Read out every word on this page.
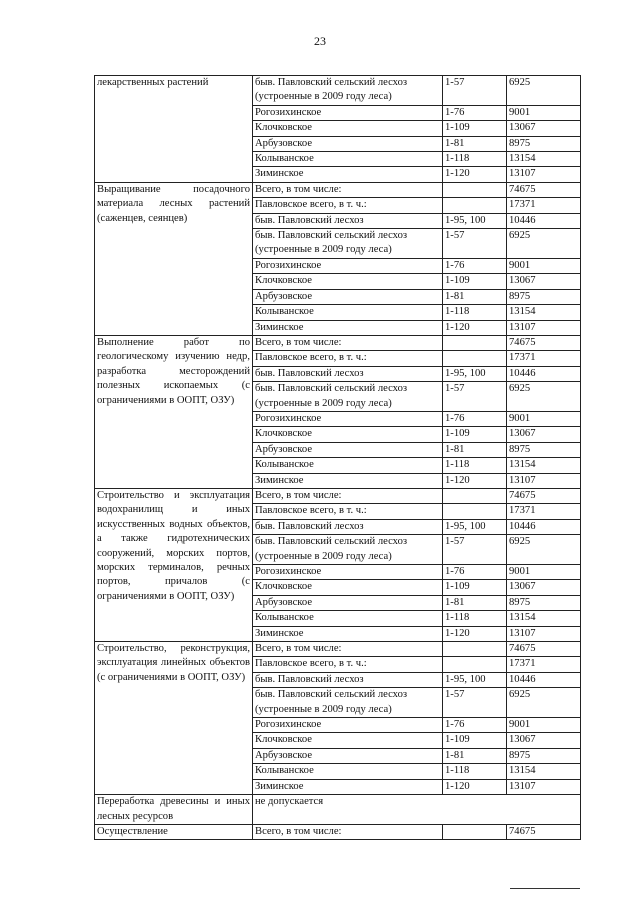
23
лекарственных растений	быв. Павловский сельский лесхоз (устроенные в 2009 году леса)	1-57	6925
	Рогозихинское	1-76	9001
	Клочковское	1-109	13067
	Арбузовское	1-81	8975
	Колыванское	1-118	13154
	Зиминское	1-120	13107
Выращивание посадочного материала лесных растений (саженцев, сеянцев)	Всего, в том числе:		74675
	Павловское всего, в т. ч.:		17371
	быв. Павловский лесхоз	1-95, 100	10446
	быв. Павловский сельский лесхоз (устроенные в 2009 году леса)	1-57	6925
	Рогозихинское	1-76	9001
	Клочковское	1-109	13067
	Арбузовское	1-81	8975
	Колыванское	1-118	13154
	Зиминское	1-120	13107
Выполнение работ по геологическому изучению недр, разработка месторождений полезных ископаемых (с ограничениями в ООПТ, ОЗУ)	Всего, в том числе:		74675
	Павловское всего, в т. ч.:		17371
	быв. Павловский лесхоз	1-95, 100	10446
	быв. Павловский сельский лесхоз (устроенные в 2009 году леса)	1-57	6925
	Рогозихинское	1-76	9001
	Клочковское	1-109	13067
	Арбузовское	1-81	8975
	Колыванское	1-118	13154
	Зиминское	1-120	13107
Строительство и эксплуатация водохранилищ и иных искусственных водных объектов, а также гидротехнических сооружений, морских портов, морских терминалов, речных портов, причалов (с ограничениями в ООПТ, ОЗУ)	Всего, в том числе:		74675
	Павловское всего, в т. ч.:		17371
	быв. Павловский лесхоз	1-95, 100	10446
	быв. Павловский сельский лесхоз (устроенные в 2009 году леса)	1-57	6925
	Рогозихинское	1-76	9001
	Клочковское	1-109	13067
	Арбузовское	1-81	8975
	Колыванское	1-118	13154
	Зиминское	1-120	13107
Строительство, реконструкция, эксплуатация линейных объектов (с ограничениями в ООПТ, ОЗУ)	Всего, в том числе:		74675
	Павловское всего, в т. ч.:		17371
	быв. Павловский лесхоз	1-95, 100	10446
	быв. Павловский сельский лесхоз (устроенные в 2009 году леса)	1-57	6925
	Рогозихинское	1-76	9001
	Клочковское	1-109	13067
	Арбузовское	1-81	8975
	Колыванское	1-118	13154
	Зиминское	1-120	13107
Переработка древесины и иных лесных ресурсов	не допускается		
Осуществление	Всего, в том числе:		74675
